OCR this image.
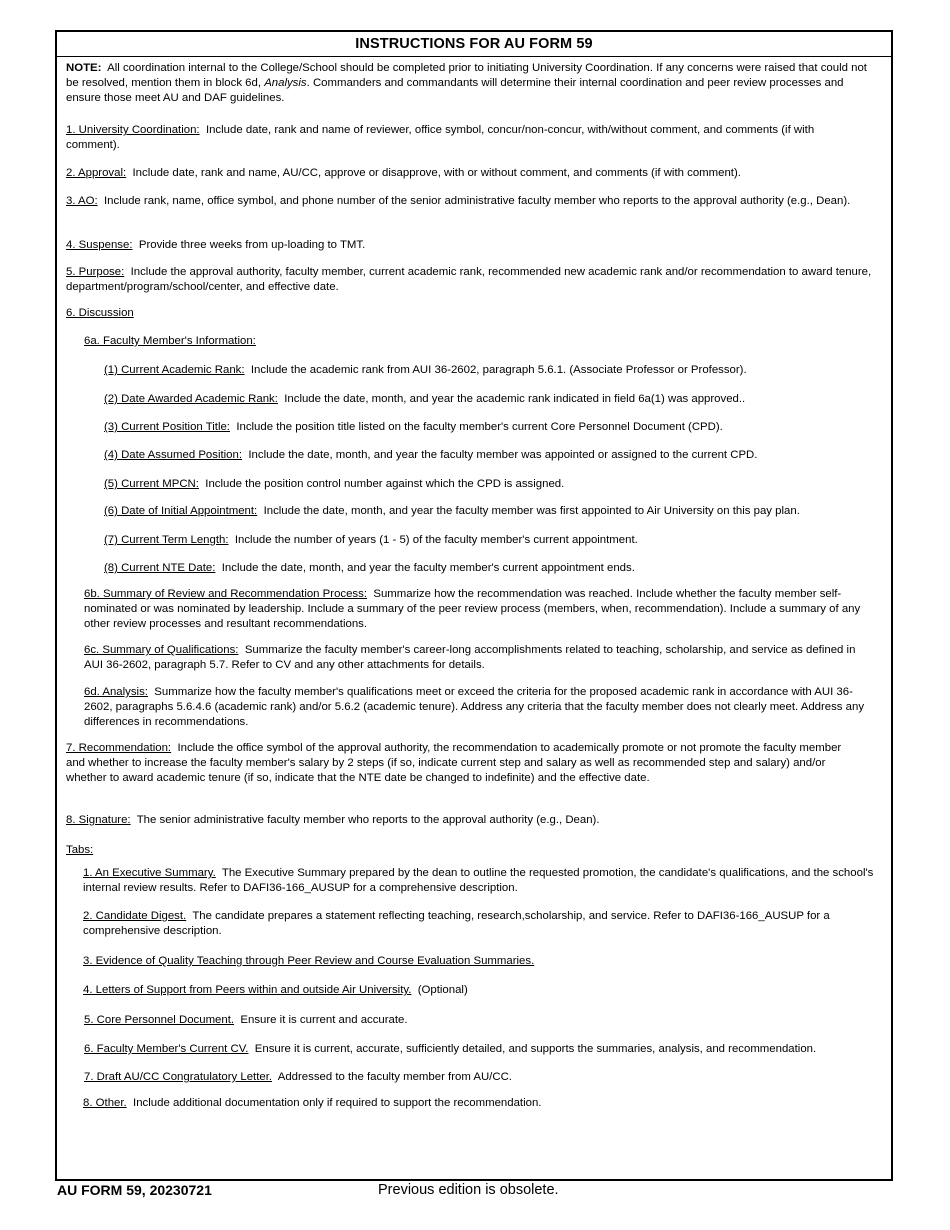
INSTRUCTIONS FOR AU FORM 59
NOTE: All coordination internal to the College/School should be completed prior to initiating University Coordination. If any concerns were raised that could not be resolved, mention them in block 6d, Analysis. Commanders and commandants will determine their internal coordination and peer review processes and ensure those meet AU and DAF guidelines.
1. University Coordination: Include date, rank and name of reviewer, office symbol, concur/non-concur, with/without comment, and comments (if with comment).
2. Approval: Include date, rank and name, AU/CC, approve or disapprove, with or without comment, and comments (if with comment).
3. AO: Include rank, name, office symbol, and phone number of the senior administrative faculty member who reports to the approval authority (e.g., Dean).
4. Suspense: Provide three weeks from up-loading to TMT.
5. Purpose: Include the approval authority, faculty member, current academic rank, recommended new academic rank and/or recommendation to award tenure, department/program/school/center, and effective date.
6. Discussion
6a. Faculty Member's Information:
(1) Current Academic Rank: Include the academic rank from AUI 36-2602, paragraph 5.6.1. (Associate Professor or Professor).
(2) Date Awarded Academic Rank: Include the date, month, and year the academic rank indicated in field 6a(1) was approved..
(3) Current Position Title: Include the position title listed on the faculty member's current Core Personnel Document (CPD).
(4) Date Assumed Position: Include the date, month, and year the faculty member was appointed or assigned to the current CPD.
(5) Current MPCN: Include the position control number against which the CPD is assigned.
(6) Date of Initial Appointment: Include the date, month, and year the faculty member was first appointed to Air University on this pay plan.
(7) Current Term Length: Include the number of years (1 - 5) of the faculty member's current appointment.
(8) Current NTE Date: Include the date, month, and year the faculty member's current appointment ends.
6b. Summary of Review and Recommendation Process: Summarize how the recommendation was reached. Include whether the faculty member self-nominated or was nominated by leadership. Include a summary of the peer review process (members, when, recommendation). Include a summary of any other review processes and resultant recommendations.
6c. Summary of Qualifications: Summarize the faculty member's career-long accomplishments related to teaching, scholarship, and service as defined in AUI 36-2602, paragraph 5.7. Refer to CV and any other attachments for details.
6d. Analysis: Summarize how the faculty member's qualifications meet or exceed the criteria for the proposed academic rank in accordance with AUI 36-2602, paragraphs 5.6.4.6 (academic rank) and/or 5.6.2 (academic tenure). Address any criteria that the faculty member does not clearly meet. Address any differences in recommendations.
7. Recommendation: Include the office symbol of the approval authority, the recommendation to academically promote or not promote the faculty member and whether to increase the faculty member's salary by 2 steps (if so, indicate current step and salary as well as recommended step and salary) and/or whether to award academic tenure (if so, indicate that the NTE date be changed to indefinite) and the effective date.
8. Signature: The senior administrative faculty member who reports to the approval authority (e.g., Dean).
Tabs:
1. An Executive Summary. The Executive Summary prepared by the dean to outline the requested promotion, the candidate's qualifications, and the school's internal review results. Refer to DAFI36-166_AUSUP for a comprehensive description.
2. Candidate Digest. The candidate prepares a statement reflecting teaching, research,scholarship, and service. Refer to DAFI36-166_AUSUP for a comprehensive description.
3. Evidence of Quality Teaching through Peer Review and Course Evaluation Summaries.
4. Letters of Support from Peers within and outside Air University. (Optional)
5. Core Personnel Document. Ensure it is current and accurate.
6. Faculty Member's Current CV. Ensure it is current, accurate, sufficiently detailed, and supports the summaries, analysis, and recommendation.
7. Draft AU/CC Congratulatory Letter. Addressed to the faculty member from AU/CC.
8. Other. Include additional documentation only if required to support the recommendation.
AU FORM 59, 20230721	Previous edition is obsolete.
